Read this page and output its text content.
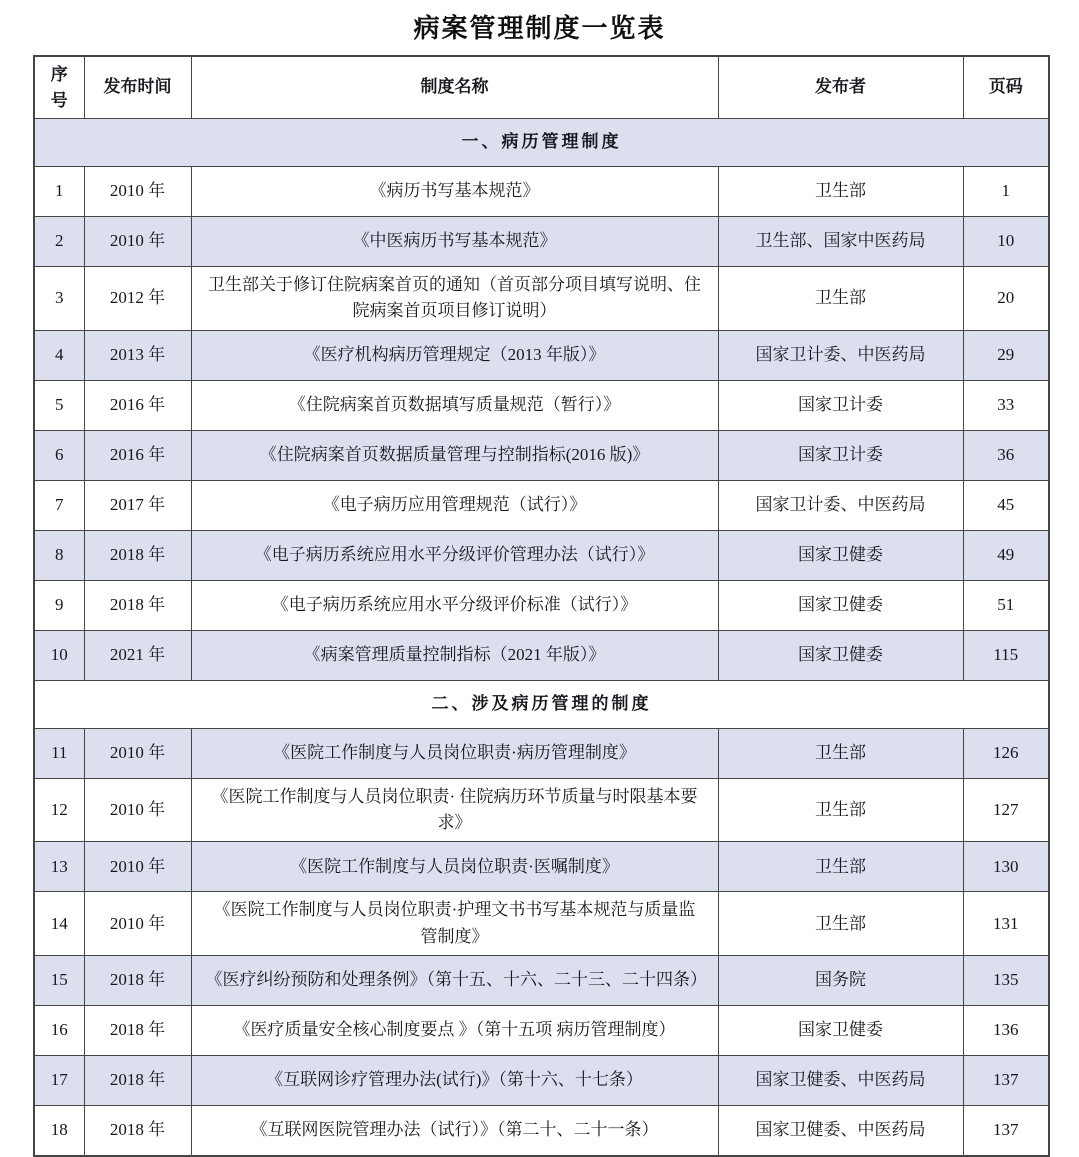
病案管理制度一览表
序号	发布时间	制度名称	发布者	页码
一、病历管理制度				
1	2010 年	《病历书写基本规范》	卫生部	1
2	2010 年	《中医病历书写基本规范》	卫生部、国家中医药局	10
3	2012 年	卫生部关于修订住院病案首页的通知（首页部分项目填写说明、住院病案首页项目修订说明）	卫生部	20
4	2013 年	《医疗机构病历管理规定（2013 年版）》	国家卫计委、中医药局	29
5	2016 年	《住院病案首页数据填写质量规范（暂行）》	国家卫计委	33
6	2016 年	《住院病案首页数据质量管理与控制指标(2016 版)》	国家卫计委	36
7	2017 年	《电子病历应用管理规范（试行）》	国家卫计委、中医药局	45
8	2018 年	《电子病历系统应用水平分级评价管理办法（试行）》	国家卫健委	49
9	2018 年	《电子病历系统应用水平分级评价标准（试行）》	国家卫健委	51
10	2021 年	《病案管理质量控制指标（2021 年版）》	国家卫健委	115
二、涉及病历管理的制度				
11	2010 年	《医院工作制度与人员岗位职责·病历管理制度》	卫生部	126
12	2010 年	《医院工作制度与人员岗位职责· 住院病历环节质量与时限基本要求》	卫生部	127
13	2010 年	《医院工作制度与人员岗位职责·医嘱制度》	卫生部	130
14	2010 年	《医院工作制度与人员岗位职责·护理文书书写基本规范与质量监管制度》	卫生部	131
15	2018 年	《医疗纠纷预防和处理条例》（第十五、十六、二十三、二十四条）	国务院	135
16	2018 年	《医疗质量安全核心制度要点 》（第十五项 病历管理制度）	国家卫健委	136
17	2018 年	《互联网诊疗管理办法(试行)》（第十六、十七条）	国家卫健委、中医药局	137
18	2018 年	《互联网医院管理办法（试行）》（第二十、二十一条）	国家卫健委、中医药局	137
